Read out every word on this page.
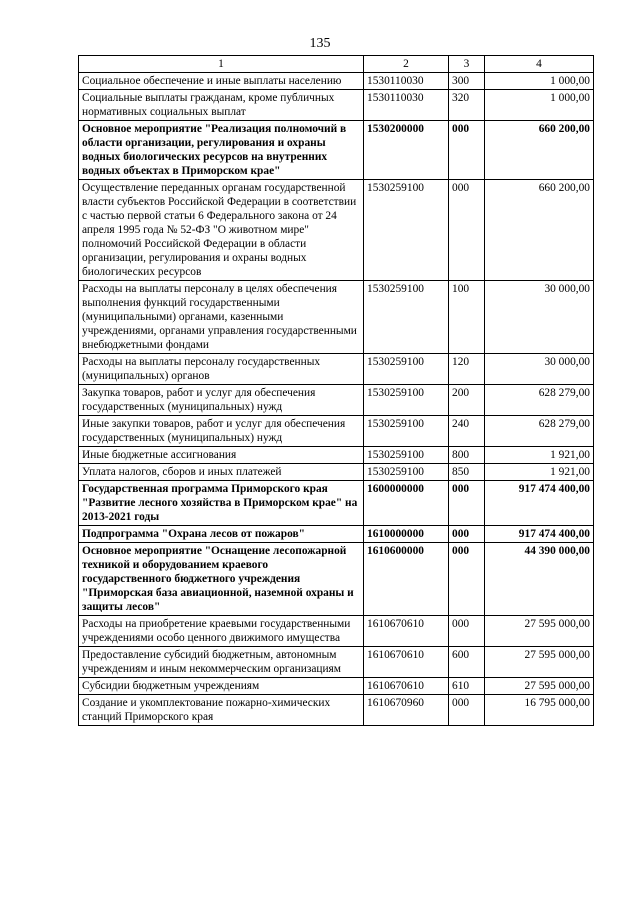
135
1	2	3	4
Социальное обеспечение и иные выплаты населению	1530110030	300	1 000,00
Социальные выплаты гражданам, кроме публичных нормативных социальных выплат	1530110030	320	1 000,00
Основное мероприятие "Реализация полномочий в области организации, регулирования и охраны водных биологических ресурсов на внутренних водных объектах в Приморском крае"	1530200000	000	660 200,00
Осуществление переданных органам государственной власти субъектов Российской Федерации в соответствии с частью первой статьи 6 Федерального закона от 24 апреля 1995 года № 52-ФЗ "О животном мире" полномочий Российской Федерации в области организации, регулирования и охраны водных биологических ресурсов	1530259100	000	660 200,00
Расходы на выплаты персоналу в целях обеспечения выполнения функций государственными (муниципальными) органами, казенными учреждениями, органами управления государственными внебюджетными фондами	1530259100	100	30 000,00
Расходы на выплаты персоналу государственных (муниципальных) органов	1530259100	120	30 000,00
Закупка товаров, работ и услуг для обеспечения государственных (муниципальных) нужд	1530259100	200	628 279,00
Иные закупки товаров, работ и услуг для обеспечения государственных (муниципальных) нужд	1530259100	240	628 279,00
Иные бюджетные ассигнования	1530259100	800	1 921,00
Уплата налогов, сборов и иных платежей	1530259100	850	1 921,00
Государственная программа Приморского края "Развитие лесного хозяйства в Приморском крае" на 2013-2021 годы	1600000000	000	917 474 400,00
Подпрограмма "Охрана лесов от пожаров"	1610000000	000	917 474 400,00
Основное мероприятие "Оснащение лесопожарной техникой и оборудованием краевого государственного бюджетного учреждения "Приморская база авиационной, наземной охраны и защиты лесов"	1610600000	000	44 390 000,00
Расходы на приобретение краевыми государственными учреждениями особо ценного движимого имущества	1610670610	000	27 595 000,00
Предоставление субсидий бюджетным, автономным учреждениям и иным некоммерческим организациям	1610670610	600	27 595 000,00
Субсидии бюджетным учреждениям	1610670610	610	27 595 000,00
Создание и укомплектование пожарно-химических станций Приморского края	1610670960	000	16 795 000,00
